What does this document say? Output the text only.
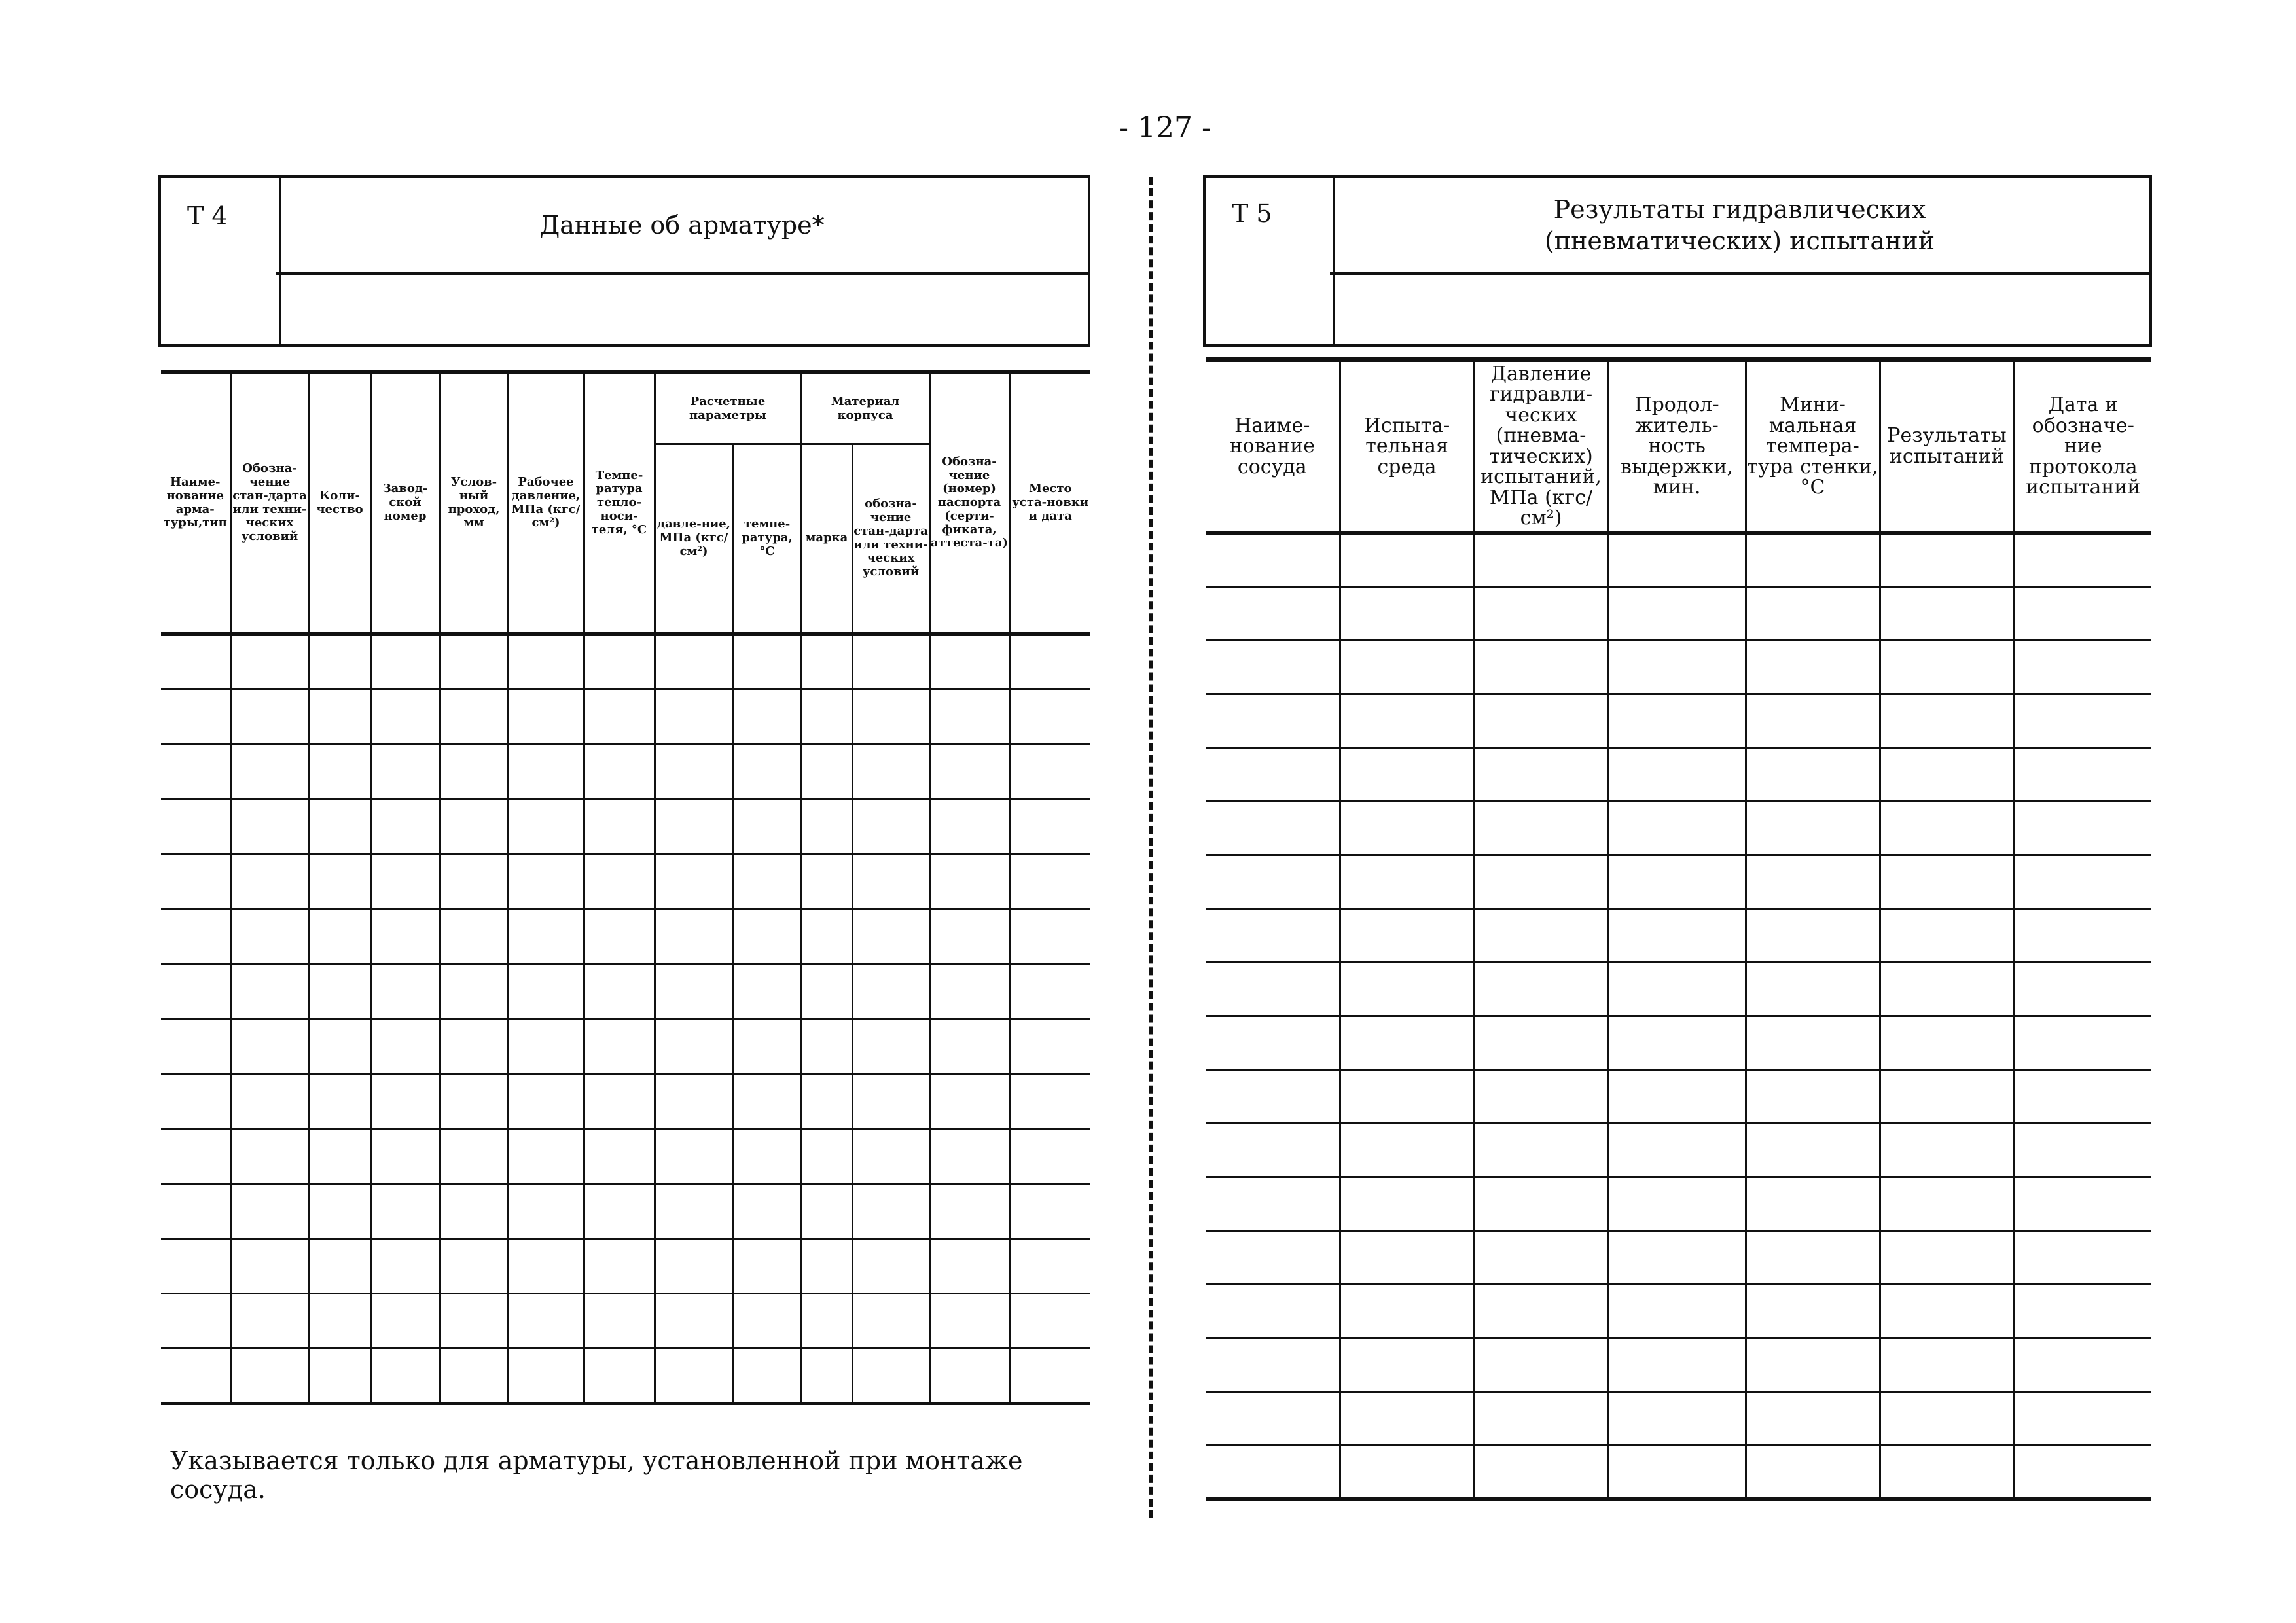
- 127 -
Т 4	Данные об арматуре*
Наиме-нование арма-туры,тип	Обозна-чение стан-дарта или техни-ческих условий	Коли-чество	Завод-ской номер	Услов-ный проход, мм	Рабочее давление, МПа (кгс/см²)	Темпе-ратура тепло-носи-теля, °С	Расчетные параметры		Материал корпуса		Обозна-чение (номер) паспорта (серти-фиката, аттеста-та)	Место уста-новки и дата
							давле-ние, МПа (кгс/см²)	темпе-ратура, °С	марка	обозна-чение стан-дарта или техни-ческих условий		

Указывается только для арматуры, установленной при монтаже сосуда.
Т 5	Результаты гидравлических (пневматических) испытаний
Наиме-нование сосуда	Испыта-тельная среда	Давление гидравли-ческих (пневма-тических) испытаний, МПа (кгс/см²)	Продол-житель-ность выдержки, мин.	Мини-мальная темпера-тура стенки, °С	Результаты испытаний	Дата и обозначе-ние протокола испытаний
